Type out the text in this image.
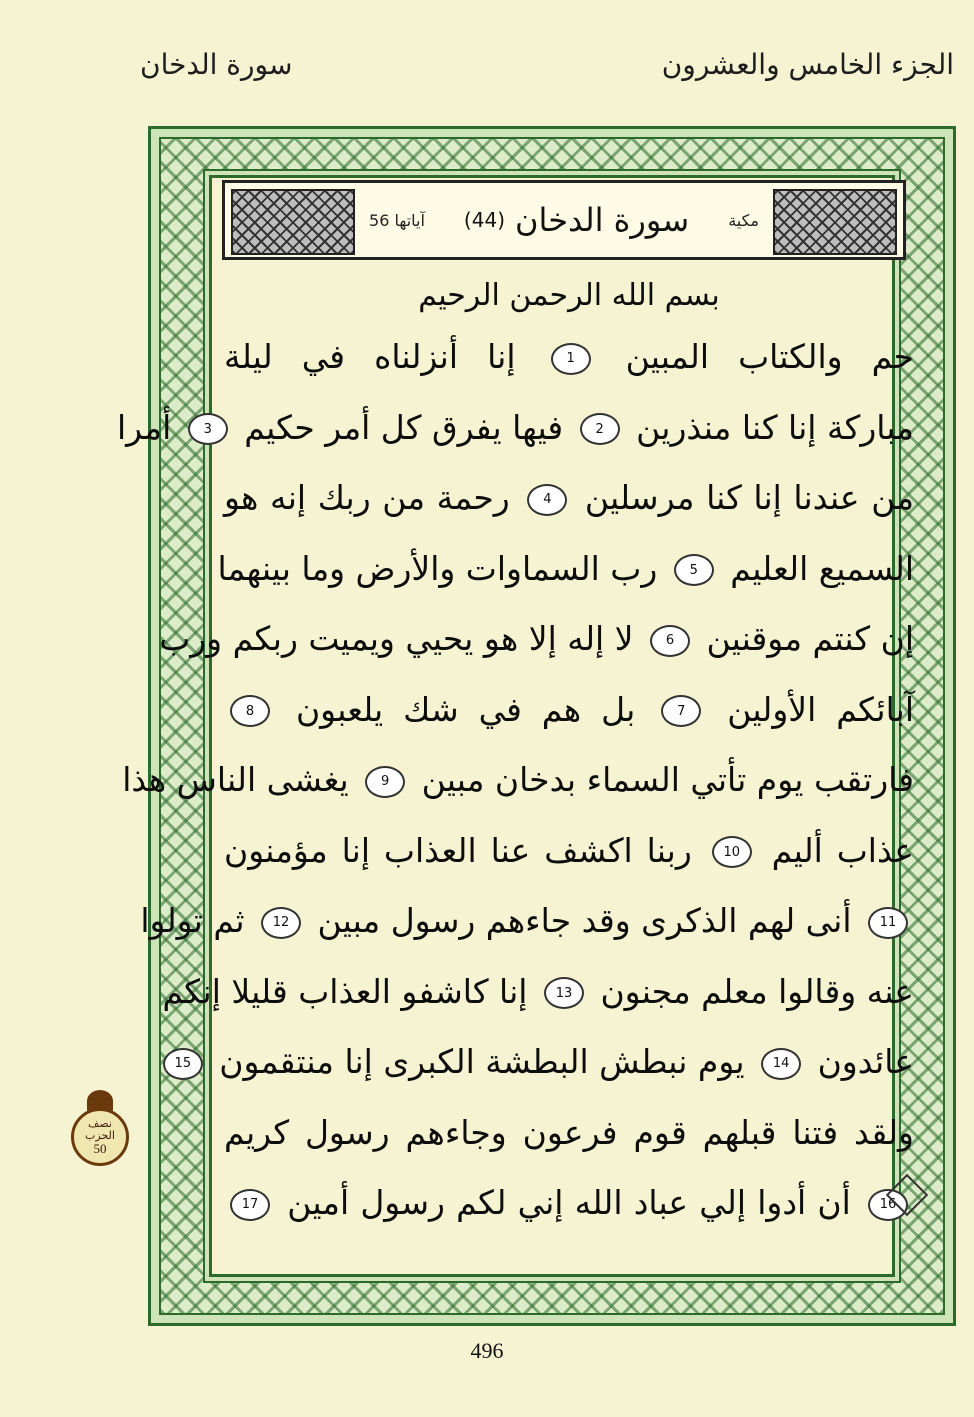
الجزء الخامس والعشرون
سورة الدخان
مكية
سورة الدخان
(44)
آياتها 56
بسم الله الرحمن الرحيم
حم والكتاب المبين 1 إنا أنزلناه في ليلة
مباركة إنا كنا منذرين 2 فيها يفرق كل أمر حكيم 3 أمرا
من عندنا إنا كنا مرسلين 4 رحمة من ربك إنه هو
السميع العليم 5 رب السماوات والأرض وما بينهما
إن كنتم موقنين 6 لا إله إلا هو يحيي ويميت ربكم ورب
آبائكم الأولين 7 بل هم في شك يلعبون 8
فارتقب يوم تأتي السماء بدخان مبين 9 يغشى الناس هذا
عذاب أليم 10 ربنا اكشف عنا العذاب إنا مؤمنون
11 أنى لهم الذكرى وقد جاءهم رسول مبين 12 ثم تولوا
عنه وقالوا معلم مجنون 13 إنا كاشفو العذاب قليلا إنكم
عائدون 14 يوم نبطش البطشة الكبرى إنا منتقمون 15
ولقد فتنا قبلهم قوم فرعون وجاءهم رسول كريم
16 أن أدوا إلي عباد الله إني لكم رسول أمين 17
نصف
الحزب
50
496
